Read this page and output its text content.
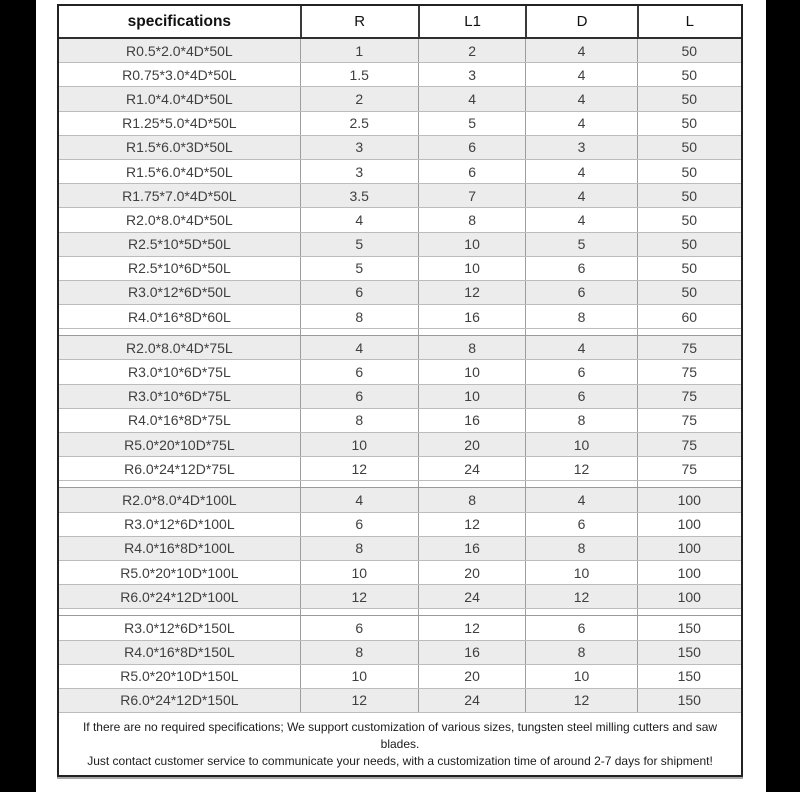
specifications	R	L1	D	L
R0.5*2.0*4D*50L	1	2	4	50
R0.75*3.0*4D*50L	1.5	3	4	50
R1.0*4.0*4D*50L	2	4	4	50
R1.25*5.0*4D*50L	2.5	5	4	50
R1.5*6.0*3D*50L	3	6	3	50
R1.5*6.0*4D*50L	3	6	4	50
R1.75*7.0*4D*50L	3.5	7	4	50
R2.0*8.0*4D*50L	4	8	4	50
R2.5*10*5D*50L	5	10	5	50
R2.5*10*6D*50L	5	10	6	50
R3.0*12*6D*50L	6	12	6	50
R4.0*16*8D*60L	8	16	8	60
R2.0*8.0*4D*75L	4	8	4	75
R3.0*10*6D*75L	6	10	6	75
R3.0*10*6D*75L	6	10	6	75
R4.0*16*8D*75L	8	16	8	75
R5.0*20*10D*75L	10	20	10	75
R6.0*24*12D*75L	12	24	12	75
R2.0*8.0*4D*100L	4	8	4	100
R3.0*12*6D*100L	6	12	6	100
R4.0*16*8D*100L	8	16	8	100
R5.0*20*10D*100L	10	20	10	100
R6.0*24*12D*100L	12	24	12	100
R3.0*12*6D*150L	6	12	6	150
R4.0*16*8D*150L	8	16	8	150
R5.0*20*10D*150L	10	20	10	150
R6.0*24*12D*150L	12	24	12	150
If there are no required specifications; We support customization of various sizes, tungsten steel milling cutters and saw blades.
Just contact customer service to communicate your needs, with a customization time of around 2-7 days for shipment!
